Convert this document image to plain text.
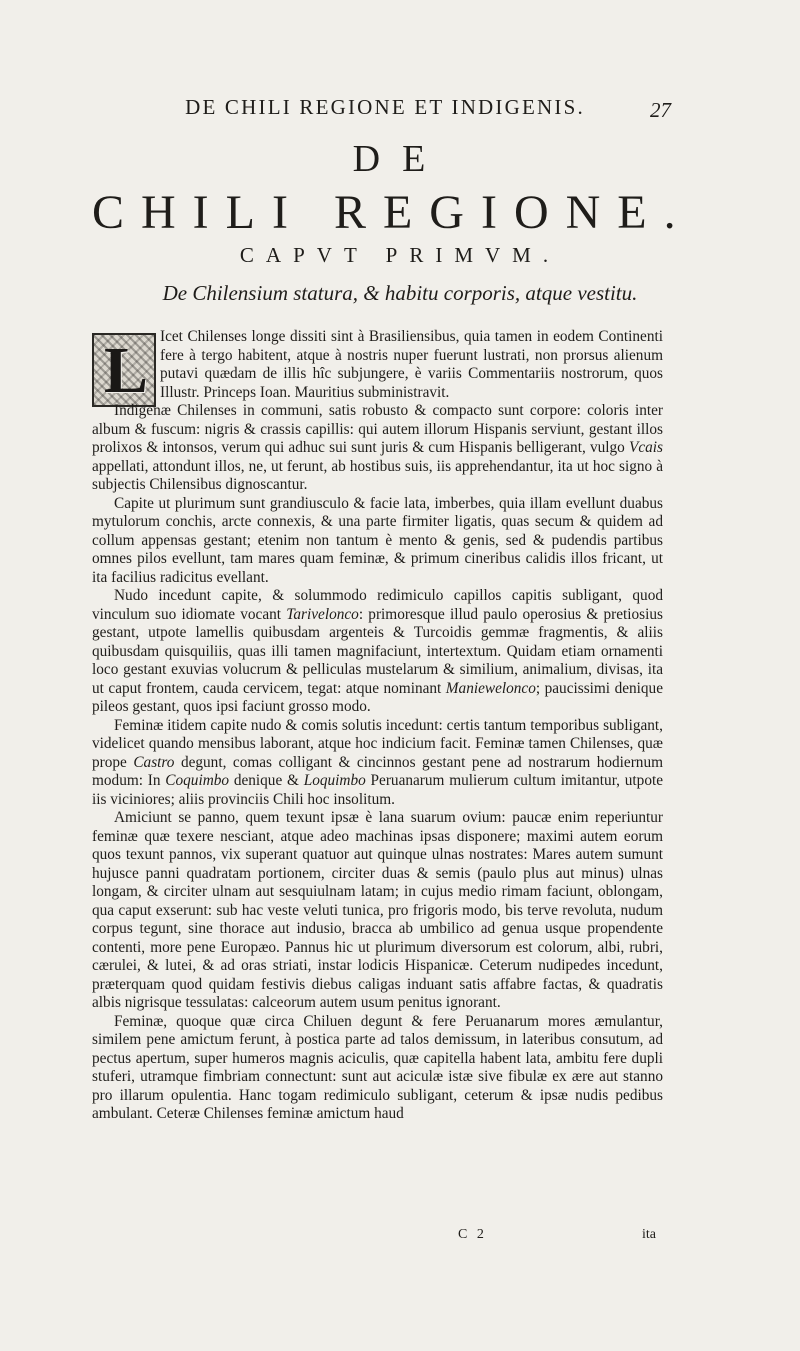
DE CHILI REGIONE ET INDIGENIS.	27
DE
CHILI REGIONE.
CAPVT PRIMVM.
De Chilensium statura, & habitu corporis, atque vestitu.
L Icet Chilenses longe dissiti sint à Brasiliensibus, quia tamen in eodem Continenti fere à tergo habitent, atque à nostris nuper fuerunt lustrati, non prorsus alienum putavi quædam de illis hîc subjungere, è variis Commentariis nostrorum, quos Illustr. Princeps Ioan. Mauritius subministravit.

Indigenæ Chilenses in communi, satis robusto & compacto sunt corpore: coloris inter album & fuscum: nigris & crassis capillis: qui autem illorum Hispanis serviunt, gestant illos prolixos & intonsos, verum qui adhuc sui sunt juris & cum Hispanis belligerant, vulgo Vcais appellati, attondunt illos, ne, ut ferunt, ab hostibus suis, iis apprehendantur, ita ut hoc signo à subjectis Chilensibus dignoscantur.

Capite ut plurimum sunt grandiusculo & facie lata, imberbes, quia illam evellunt duabus mytulorum conchis, arcte connexis, & una parte firmiter ligatis, quas secum & quidem ad collum appensas gestant; etenim non tantum è mento & genis, sed & pudendis partibus omnes pilos evellunt, tam mares quam feminæ, & primum cineribus calidis illos fricant, ut ita facilius radicitus evellant.

Nudo incedunt capite, & solummodo redimiculo capillos capitis subligant, quod vinculum suo idiomate vocant Tarivelonco: primoresque illud paulo operosius & pretiosius gestant, utpote lamellis quibusdam argenteis & Turcoidis gemmæ fragmentis, & aliis quibusdam quisquiliis, quas illi tamen magnifaciunt, intertextum. Quidam etiam ornamenti loco gestant exuvias volucrum & pelliculas mustelarum & similium, animalium, divisas, ita ut caput frontem, cauda cervicem, tegat: atque nominant Maniewelonco; paucissimi denique pileos gestant, quos ipsi faciunt grosso modo.

Feminæ itidem capite nudo & comis solutis incedunt: certis tantum temporibus subligant, videlicet quando mensibus laborant, atque hoc indicium facit. Feminæ tamen Chilenses, quæ prope Castro degunt, comas colligant & cincinnos gestant pene ad nostrarum hodiernum modum: In Coquimbo denique & Loquimbo Peruanarum mulierum cultum imitantur, utpote iis viciniores; aliis provinciis Chili hoc insolitum.

Amiciunt se panno, quem texunt ipsæ è lana suarum ovium: paucæ enim reperiuntur feminæ quæ texere nesciant, atque adeo machinas ipsas disponere; maximi autem eorum quos texunt pannos, vix superant quatuor aut quinque ulnas nostrates: Mares autem sumunt hujusce panni quadratam portionem, circiter duas & semis (paulo plus aut minus) ulnas longam, & circiter ulnam aut sesquiulnam latam; in cujus medio rimam faciunt, oblongam, qua caput exserunt: sub hac veste veluti tunica, pro frigoris modo, bis terve revoluta, nudum corpus tegunt, sine thorace aut indusio, bracca ab umbilico ad genua usque propendente contenti, more pene Europæo. Pannus hic ut plurimum diversorum est colorum, albi, rubri, cærulei, & lutei, & ad oras striati, instar lodicis Hispanicæ. Ceterum nudipedes incedunt, præterquam quod quidam festivis diebus caligas induant satis affabre factas, & quadratis albis nigrisque tessulatas: calceorum autem usum penitus ignorant.

Feminæ, quoque quæ circa Chiluen degunt & fere Peruanarum mores æmulantur, similem pene amictum ferunt, à postica parte ad talos demissum, in lateribus consutum, ad pectus apertum, super humeros magnis aciculis, quæ capitella habent lata, ambitu fere dupli stuferi, utramque fimbriam connectunt: sunt aut aciculæ istæ sive fibulæ ex ære aut stanno pro illarum opulentia. Hanc togam redimiculo subligant, ceterum & ipsæ nudis pedibus ambulant. Ceteræ Chilenses feminæ amictum haud

C 2	ita
